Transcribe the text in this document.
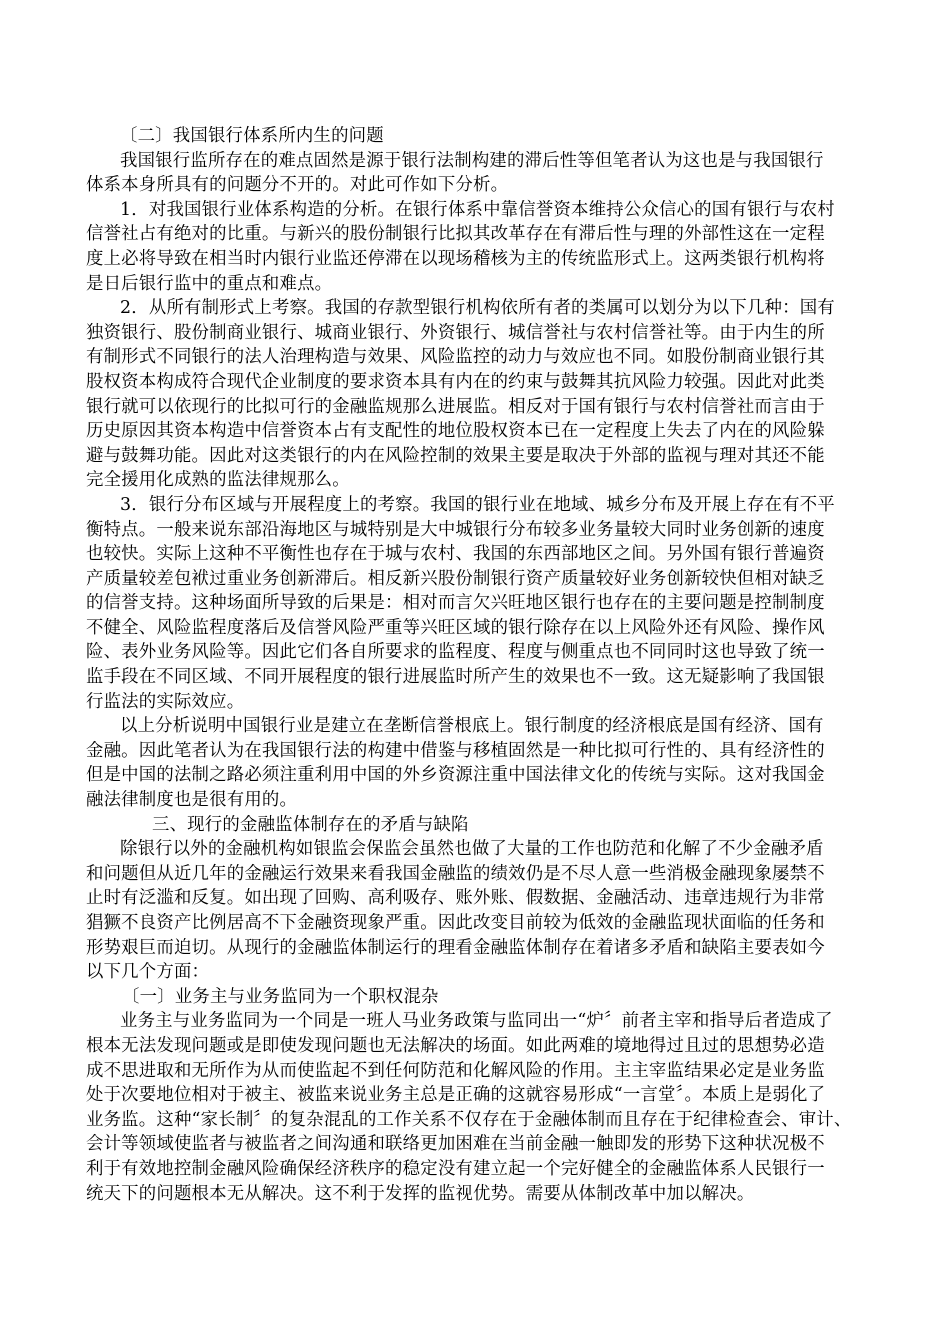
〔二〕我国银行体系所内生的问题
我国银行监所存在的难点固然是源于银行法制构建的滞后性等但笔者认为这也是与我国银行
体系本身所具有的问题分不开的。对此可作如下分析。
1．对我国银行业体系构造的分析。在银行体系中靠信誉资本维持公众信心的国有银行与农村
信誉社占有绝对的比重。与新兴的股份制银行比拟其改革存在有滞后性与理的外部性这在一定程
度上必将导致在相当时内银行业监还停滞在以现场稽核为主的传统监形式上。这两类银行机构将
是日后银行监中的重点和难点。
2．从所有制形式上考察。我国的存款型银行机构依所有者的类属可以划分为以下几种：国有
独资银行、股份制商业银行、城商业银行、外资银行、城信誉社与农村信誉社等。由于内生的所
有制形式不同银行的法人治理构造与效果、风险监控的动力与效应也不同。如股份制商业银行其
股权资本构成符合现代企业制度的要求资本具有内在的约束与鼓舞其抗风险力较强。因此对此类
银行就可以依现行的比拟可行的金融监规那么进展监。相反对于国有银行与农村信誉社而言由于
历史原因其资本构造中信誉资本占有支配性的地位股权资本已在一定程度上失去了内在的风险躲
避与鼓舞功能。因此对这类银行的内在风险控制的效果主要是取决于外部的监视与理对其还不能
完全援用化成熟的监法律规那么。
3．银行分布区域与开展程度上的考察。我国的银行业在地域、城乡分布及开展上存在有不平
衡特点。一般来说东部沿海地区与城特别是大中城银行分布较多业务量较大同时业务创新的速度
也较快。实际上这种不平衡性也存在于城与农村、我国的东西部地区之间。另外国有银行普遍资
产质量较差包袱过重业务创新滞后。相反新兴股份制银行资产质量较好业务创新较快但相对缺乏
的信誉支持。这种场面所导致的后果是：相对而言欠兴旺地区银行也存在的主要问题是控制制度
不健全、风险监程度落后及信誉风险严重等兴旺区域的银行除存在以上风险外还有风险、操作风
险、表外业务风险等。因此它们各自所要求的监程度、程度与侧重点也不同同时这也导致了统一
监手段在不同区域、不同开展程度的银行进展监时所产生的效果也不一致。这无疑影响了我国银
行监法的实际效应。
以上分析说明中国银行业是建立在垄断信誉根底上。银行制度的经济根底是国有经济、国有
金融。因此笔者认为在我国银行法的构建中借鉴与移植固然是一种比拟可行性的、具有经济性的
但是中国的法制之路必须注重利用中国的外乡资源注重中国法律文化的传统与实际。这对我国金
融法律制度也是很有用的。
三、现行的金融监体制存在的矛盾与缺陷
除银行以外的金融机构如银监会保监会虽然也做了大量的工作也防范和化解了不少金融矛盾
和问题但从近几年的金融运行效果来看我国金融监的绩效仍是不尽人意一些消极金融现象屡禁不
止时有泛滥和反复。如出现了回购、高利吸存、账外账、假数据、金融活动、违章违规行为非常
猖獗不良资产比例居高不下金融资现象严重。因此改变目前较为低效的金融监现状面临的任务和
形势艰巨而迫切。从现行的金融监体制运行的理看金融监体制存在着诸多矛盾和缺陷主要表如今
以下几个方面：
〔一〕业务主与业务监同为一个职权混杂
业务主与业务监同为一个同是一班人马业务政策与监同出一“炉〞前者主宰和指导后者造成了
根本无法发现问题或是即使发现问题也无法解决的场面。如此两难的境地得过且过的思想势必造
成不思进取和无所作为从而使监起不到任何防范和化解风险的作用。主主宰监结果必定是业务监
处于次要地位相对于被主、被监来说业务主总是正确的这就容易形成“一言堂〞。本质上是弱化了
业务监。这种“家长制〞的复杂混乱的工作关系不仅存在于金融体制而且存在于纪律检查会、审计、
会计等领域使监者与被监者之间沟通和联络更加困难在当前金融一触即发的形势下这种状况极不
利于有效地控制金融风险确保经济秩序的稳定没有建立起一个完好健全的金融监体系人民银行一
统天下的问题根本无从解决。这不利于发挥的监视优势。需要从体制改革中加以解决。
